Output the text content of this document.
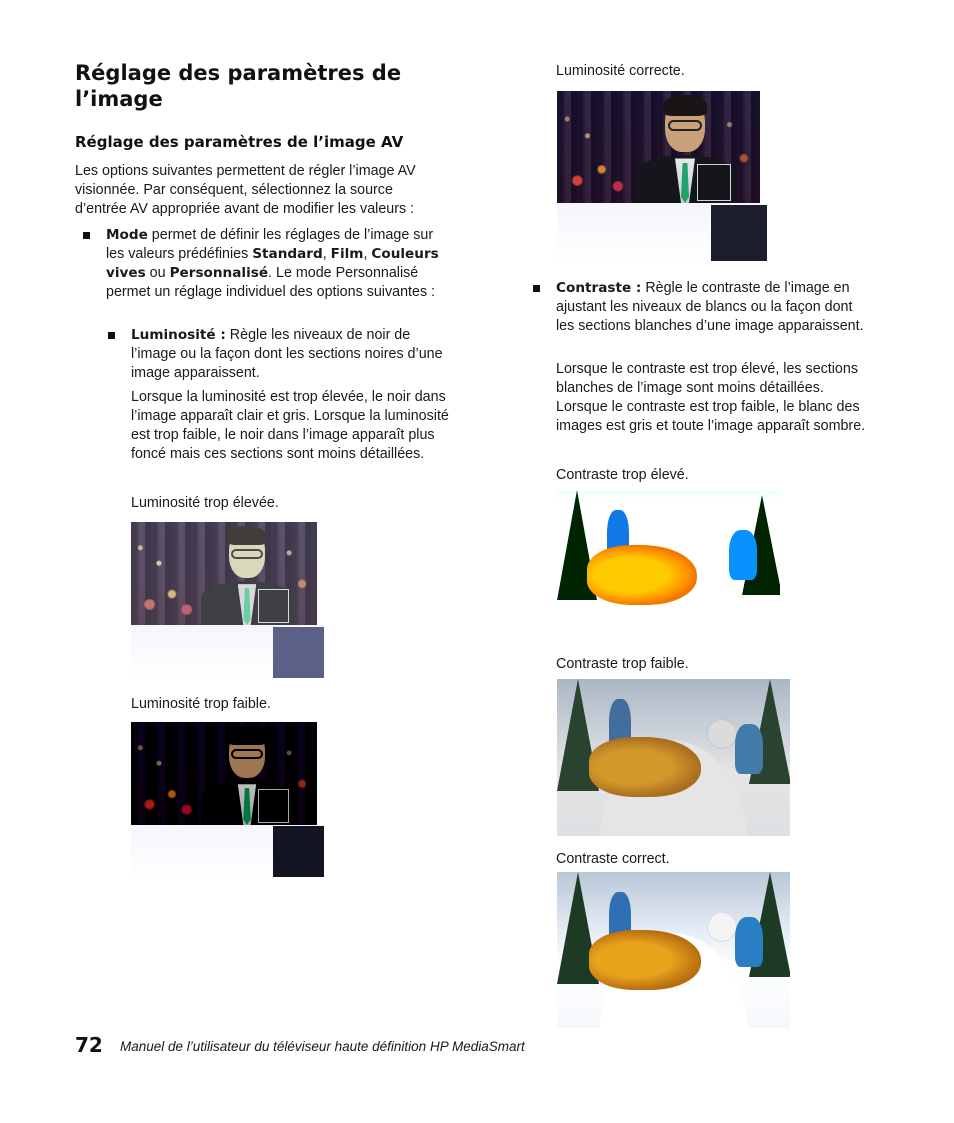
Réglage des paramètres de l’image
Réglage des paramètres de l’image AV

Les options suivantes permettent de régler l’image AV visionnée. Par conséquent, sélectionnez la source d’entrée AV appropriée avant de modifier les valeurs :

Mode permet de définir les réglages de l’image sur les valeurs prédéfinies Standard, Film, Couleurs vives ou Personnalisé. Le mode Personnalisé permet un réglage individuel des options suivantes :

Luminosité : Règle les niveaux de noir de l’image ou la façon dont les sections noires d’une image apparaissent.

Lorsque la luminosité est trop élevée, le noir dans l’image apparaît clair et gris. Lorsque la luminosité est trop faible, le noir dans l’image apparaît plus foncé mais ces sections sont moins détaillées.

Luminosité trop élevée.

Luminosité trop faible.

Luminosité correcte.

Contraste : Règle le contraste de l’image en ajustant les niveaux de blancs ou la façon dont les sections blanches d’une image apparaissent.

Lorsque le contraste est trop élevé, les sections blanches de l’image sont moins détaillées. Lorsque le contraste est trop faible, le blanc des images est gris et toute l’image apparaît sombre.

Contraste trop élevé.

Contraste trop faible.

Contraste correct.

72 Manuel de l’utilisateur du téléviseur haute définition HP MediaSmart
